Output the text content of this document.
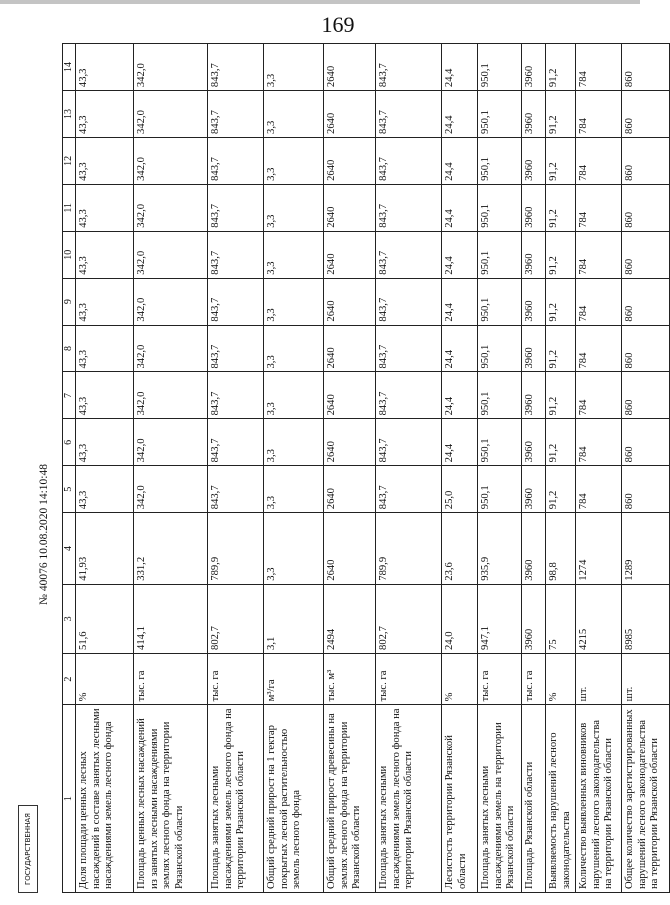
169
1	2	3	4	5	6	7	8	9	10	11	12	13	14
Доля площади ценных лесных насаждений в составе занятых лесными насаждениями земель лесного фонда	%	51,6	41,93	43,3	43,3	43,3	43,3	43,3	43,3	43,3	43,3	43,3	43,3
Площадь ценных лесных насаждений из занятых лесными насаждениями землях лесного фонда на территории Рязанской области	тыс. га	414,1	331,2	342,0	342,0	342,0	342,0	342,0	342,0	342,0	342,0	342,0	342,0
Площадь занятых лесными насаждениями земель лесного фонда на территории Рязанской области	тыс. га	802,7	789,9	843,7	843,7	843,7	843,7	843,7	843,7	843,7	843,7	843,7	843,7
Общий средний прирост на 1 гектар покрытых лесной растительностью земель лесного фонда	м³/га	3,1	3,3	3,3	3,3	3,3	3,3	3,3	3,3	3,3	3,3	3,3	3,3
Общий средний прирост древесины на землях лесного фонда на территории Рязанской области	тыс. м³	2494	2640	2640	2640	2640	2640	2640	2640	2640	2640	2640	2640
Площадь занятых лесными насаждениями земель лесного фонда на территории Рязанской области	тыс. га	802,7	789,9	843,7	843,7	843,7	843,7	843,7	843,7	843,7	843,7	843,7	843,7
Лесистость территории Рязанской области	%	24,0	23,6	25,0	24,4	24,4	24,4	24,4	24,4	24,4	24,4	24,4	24,4
Площадь занятых лесными насаждениями земель на территории Рязанской области	тыс. га	947,1	935,9	950,1	950,1	950,1	950,1	950,1	950,1	950,1	950,1	950,1	950,1
Площадь Рязанской области	тыс. га	3960	3960	3960	3960	3960	3960	3960	3960	3960	3960	3960	3960
Выявляемость нарушений лесного законодательства	%	75	98,8	91,2	91,2	91,2	91,2	91,2	91,2	91,2	91,2	91,2	91,2
Количество выявленных виновников нарушений лесного законодательства на территории Рязанской области	шт.	4215	1274	784	784	784	784	784	784	784	784	784	784
Общее количество зарегистрированных нарушений лесного законодательства на территории Рязанской области	шт.	8985	1289	860	860	860	860	860	860	860	860	860	860
№ 40076 10.08.2020 14:10:48
ГОСУДАРСТВЕННАЯ
